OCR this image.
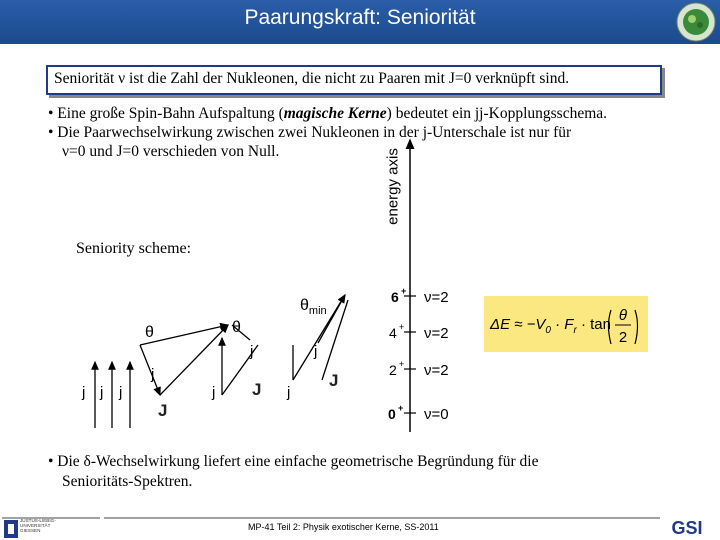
Paarungskraft: Seniorität
Seniorität ν ist die Zahl der Nukleonen, die nicht zu Paaren mit J=0 verknüpft sind.
• Eine große Spin-Bahn Aufspaltung (magische Kerne) bedeutet ein jj-Kopplungsschema.
• Die Paarwechselwirkung zwischen zwei Nukleonen in der j-Unterschale ist nur für
ν=0 und J=0 verschieden von Null.
Seniority scheme:
energy axis
$\Delta E \approx -V_0 \cdot F_r \cdot \tan$
θ
2
j j j
θ
j
J
θ
j
j J
$\theta_{min}$
j
j
J
6 + ν=2
4 + ν=2
2 + ν=2
0 + ν=0
• Die δ-Wechselwirkung liefert eine einfache geometrische Begründung für die
Senioritäts-Spektren.
MP-41 Teil 2: Physik exotischer Kerne, SS-2011
JUSTUS-LIEBIG-
UNIVERSITÄT
GIESSEN	GSI
